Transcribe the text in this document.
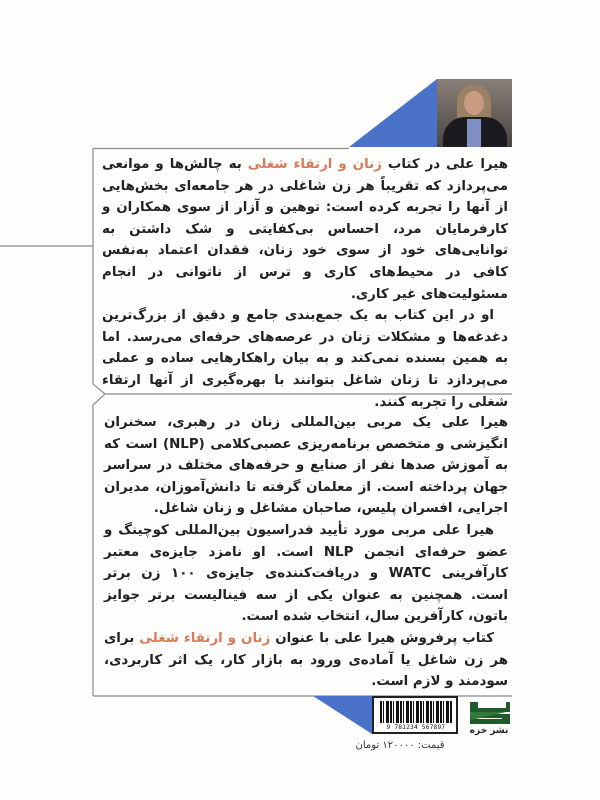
هیرا علی در کتاب زنان و ارتقاء شغلی به چالش‌ها و موانعی می‌پردازد که تقریباً هر زن شاغلی در هر جامعه‌ای بخش‌هایی از آنها را تجربه کرده است: توهین و آزار از سوی همکاران و کارفرمایان مرد، احساس بی‌کفایتی و شک داشتن به توانایی‌های خود از سوی خود زنان، فقدان اعتماد به‌نفس کافی در محیط‌های کاری و ترس از ناتوانی در انجام مسئولیت‌های غیر کاری.

او در این کتاب به یک جمع‌بندی جامع و دقیق از بزرگ‌ترین دغدغه‌ها و مشکلات زنان در عرصه‌های حرفه‌ای می‌رسد. اما به همین بسنده نمی‌کند و به بیان راهکارهایی ساده و عملی می‌پردازد تا زنان شاغل بتوانند با بهره‌گیری از آنها ارتقاء شغلی را تجربه کنند.

هیرا علی یک مربی بین‌المللی زنان در رهبری، سخنران انگیزشی و متخصص برنامه‌ریزی عصبی‌کلامی (NLP) است که به آموزش صدها نفر از صنایع و حرفه‌های مختلف در سراسر جهان پرداخته است. از معلمان گرفته تا دانش‌آموزان، مدیران اجرایی، افسران پلیس، صاحبان مشاغل و زنان شاغل.

هیرا علی مربی مورد تأیید فدراسیون بین‌المللی کوچینگ و عضو حرفه‌ای انجمن NLP است. او نامزد جایزه‌ی معتبر کارآفرینی WATC و دریافت‌کننده‌ی جایزه‌ی ۱۰۰ زن برتر است. همچنین به عنوان یکی از سه فینالیست برتر جوایز باتون، کارآفرین سال، انتخاب شده است.

کتاب پرفروش هیرا علی با عنوان زنان و ارتقاء شغلی برای هر زن شاغل یا آماده‌ی ورود به بازار کار، یک اثر کاربردی، سودمند و لازم است.

9 781234 567897	نشر خزه
قیمت: ۱۲۰۰۰۰ تومان
